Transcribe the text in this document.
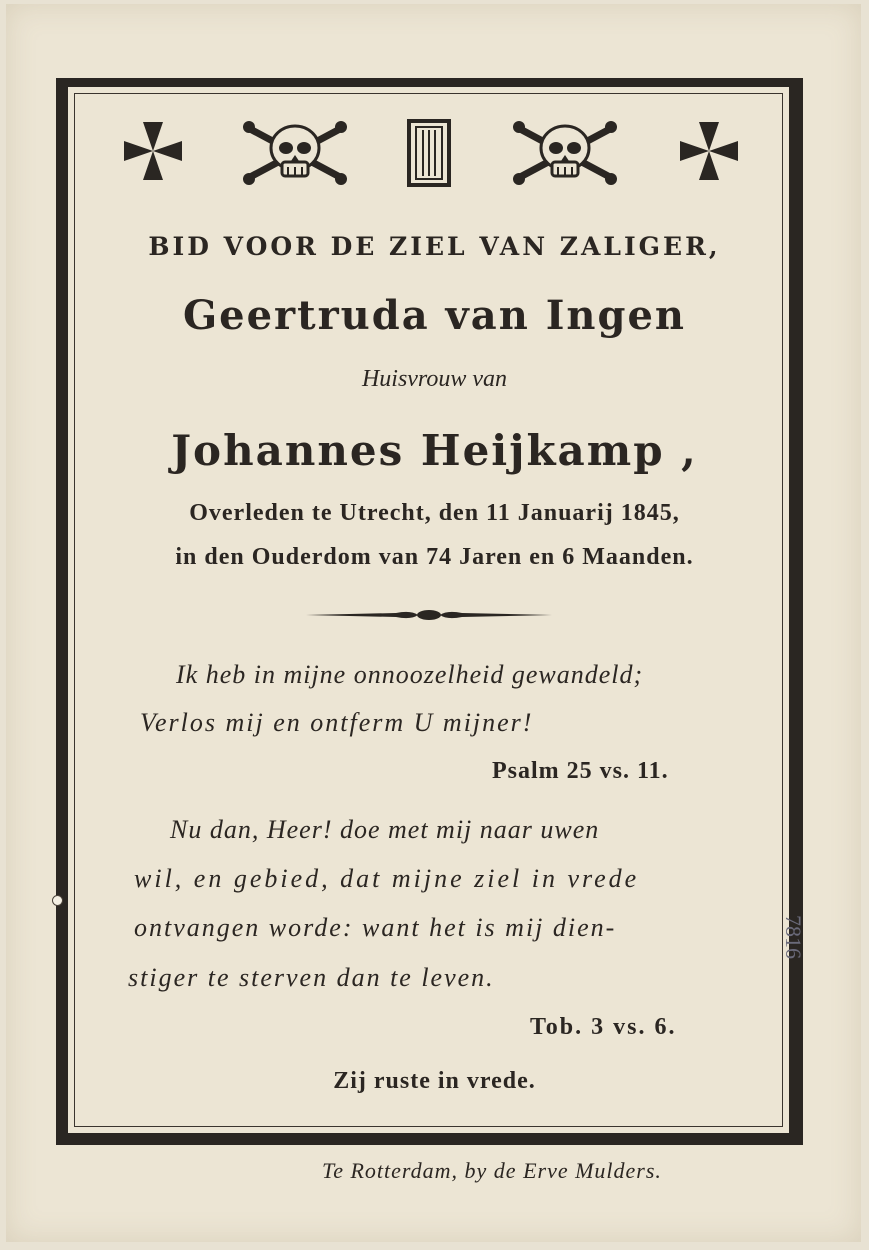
BID VOOR DE ZIEL VAN ZALIGER,
Geertruda van Ingen
Huisvrouw van
Johannes Heijkamp ,
Overleden te Utrecht, den 11 Januarij 1845,
in den Ouderdom van 74 Jaren en 6 Maanden.
Ik heb in mijne onnoozelheid gewandeld;
Verlos mij en ontferm U mijner!
Psalm 25 vs. 11.
Nu dan, Heer! doe met mij naar uwen
wil, en gebied, dat mijne ziel in vrede
ontvangen worde: want het is mij dien-
stiger te sterven dan te leven.
Tob. 3 vs. 6.
Zij ruste in vrede.
Te Rotterdam, by de Erve Mulders.
7816
